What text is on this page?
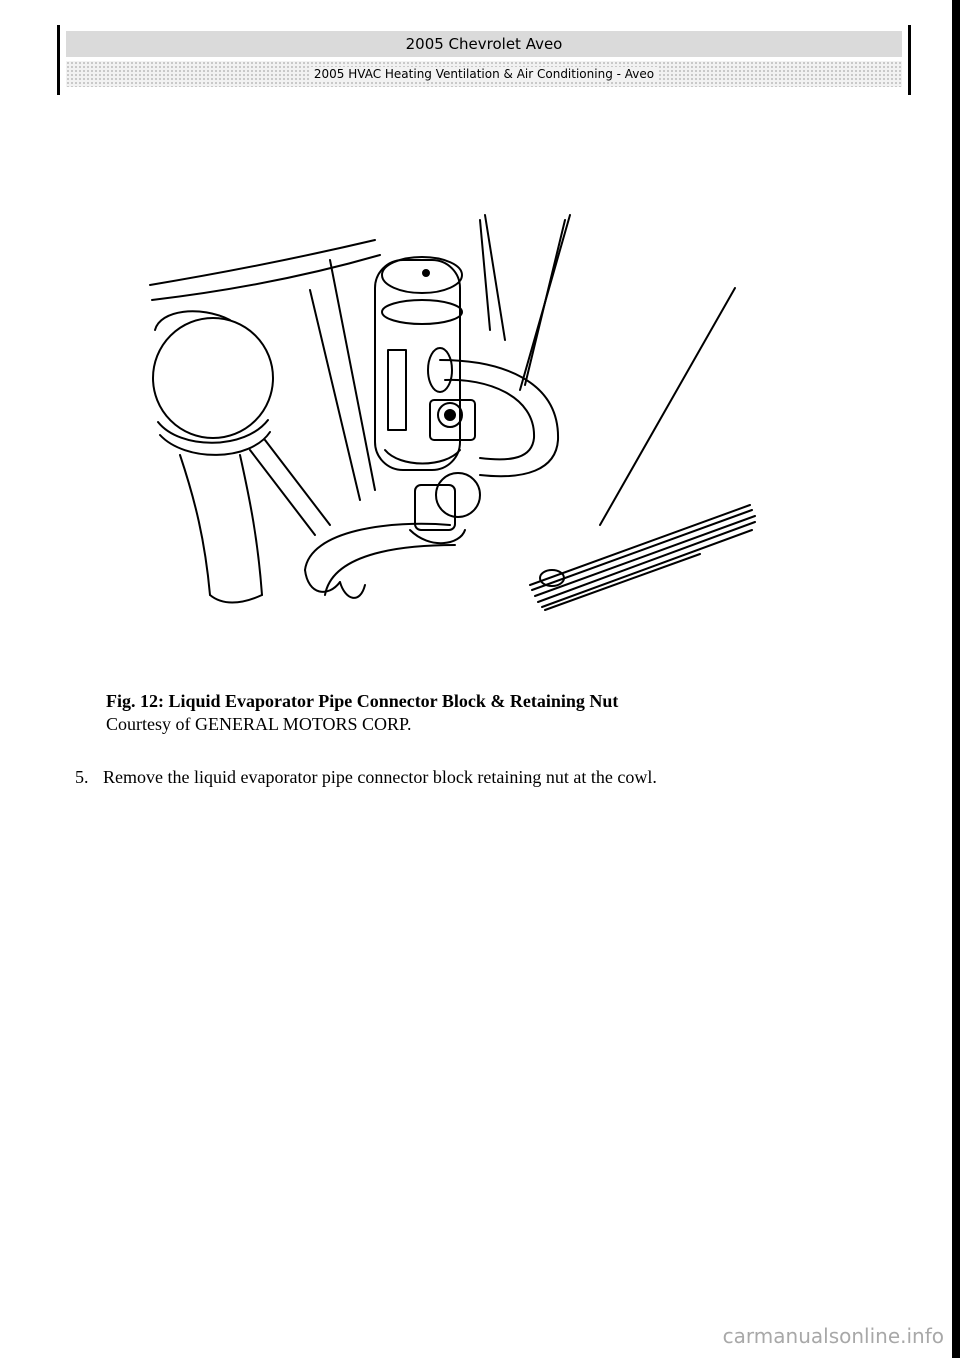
2005 Chevrolet Aveo
2005 HVAC Heating Ventilation & Air Conditioning - Aveo
Fig. 12: Liquid Evaporator Pipe Connector Block & Retaining Nut
Courtesy of GENERAL MOTORS CORP.
5. Remove the liquid evaporator pipe connector block retaining nut at the cowl.
carmanualsonline.info
